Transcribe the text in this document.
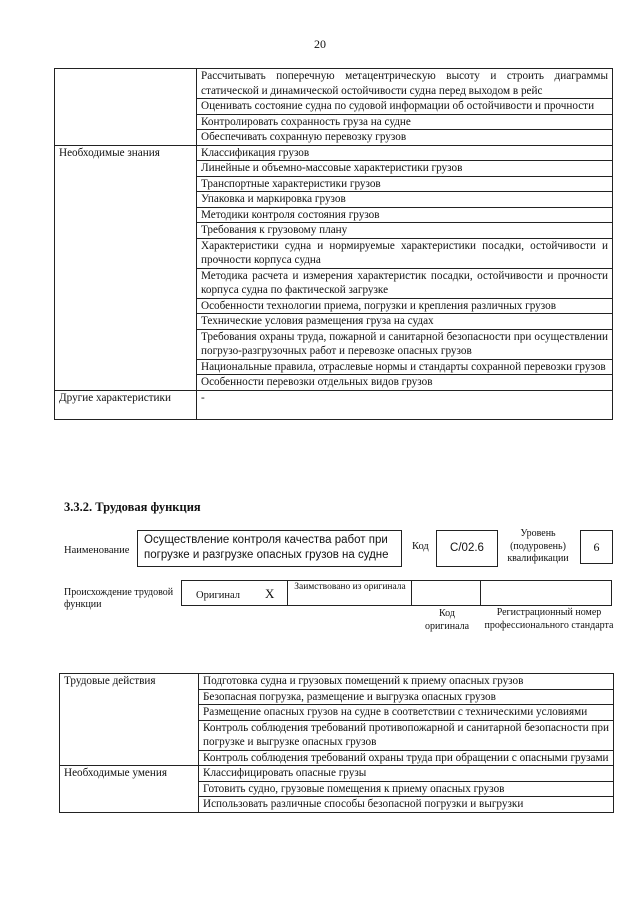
20
	Рассчитывать поперечную метацентрическую высоту и строить диаграммы статической и динамической остойчивости судна перед выходом в рейс
	Оценивать состояние судна по судовой информации об остойчивости и прочности
	Контролировать сохранность груза на судне
	Обеспечивать сохранную перевозку грузов
Необходимые знания	Классификация грузов
	Линейные и объемно-массовые характеристики грузов
	Транспортные характеристики грузов
	Упаковка и маркировка грузов
	Методики контроля состояния грузов
	Требования к грузовому плану
	Характеристики судна и нормируемые характеристики посадки, остойчивости и прочности корпуса судна
	Методика расчета и измерения характеристик посадки, остойчивости и прочности корпуса судна по фактической загрузке
	Особенности технологии приема, погрузки и крепления различных грузов
	Технические условия размещения груза на судах
	Требования охраны труда, пожарной и санитарной безопасности при осуществлении погрузо-разгрузочных работ и перевозке опасных грузов
	Национальные правила, отраслевые нормы и стандарты сохранной перевозки грузов
	Особенности перевозки отдельных видов грузов
Другие характеристики	-
3.3.2. Трудовая функция
Наименование
Осуществление контроля качества работ при погрузке и разгрузке опасных грузов на судне
Код	C/02.6
Уровень (подуровень) квалификации
6
Происхождение трудовой функции
Оригинал X	Заимствовано из оригинала
Код оригинала
Регистрационный номер профессионального стандарта
Трудовые действия	Подготовка судна и грузовых помещений к приему опасных грузов
	Безопасная погрузка, размещение и выгрузка опасных грузов
	Размещение опасных грузов на судне в соответствии с техническими условиями
	Контроль соблюдения требований противопожарной и санитарной безопасности при погрузке и выгрузке опасных грузов
	Контроль соблюдения требований охраны труда при обращении с опасными грузами
Необходимые умения	Классифицировать опасные грузы
	Готовить судно, грузовые помещения к приему опасных грузов
	Использовать различные способы безопасной погрузки и выгрузки
